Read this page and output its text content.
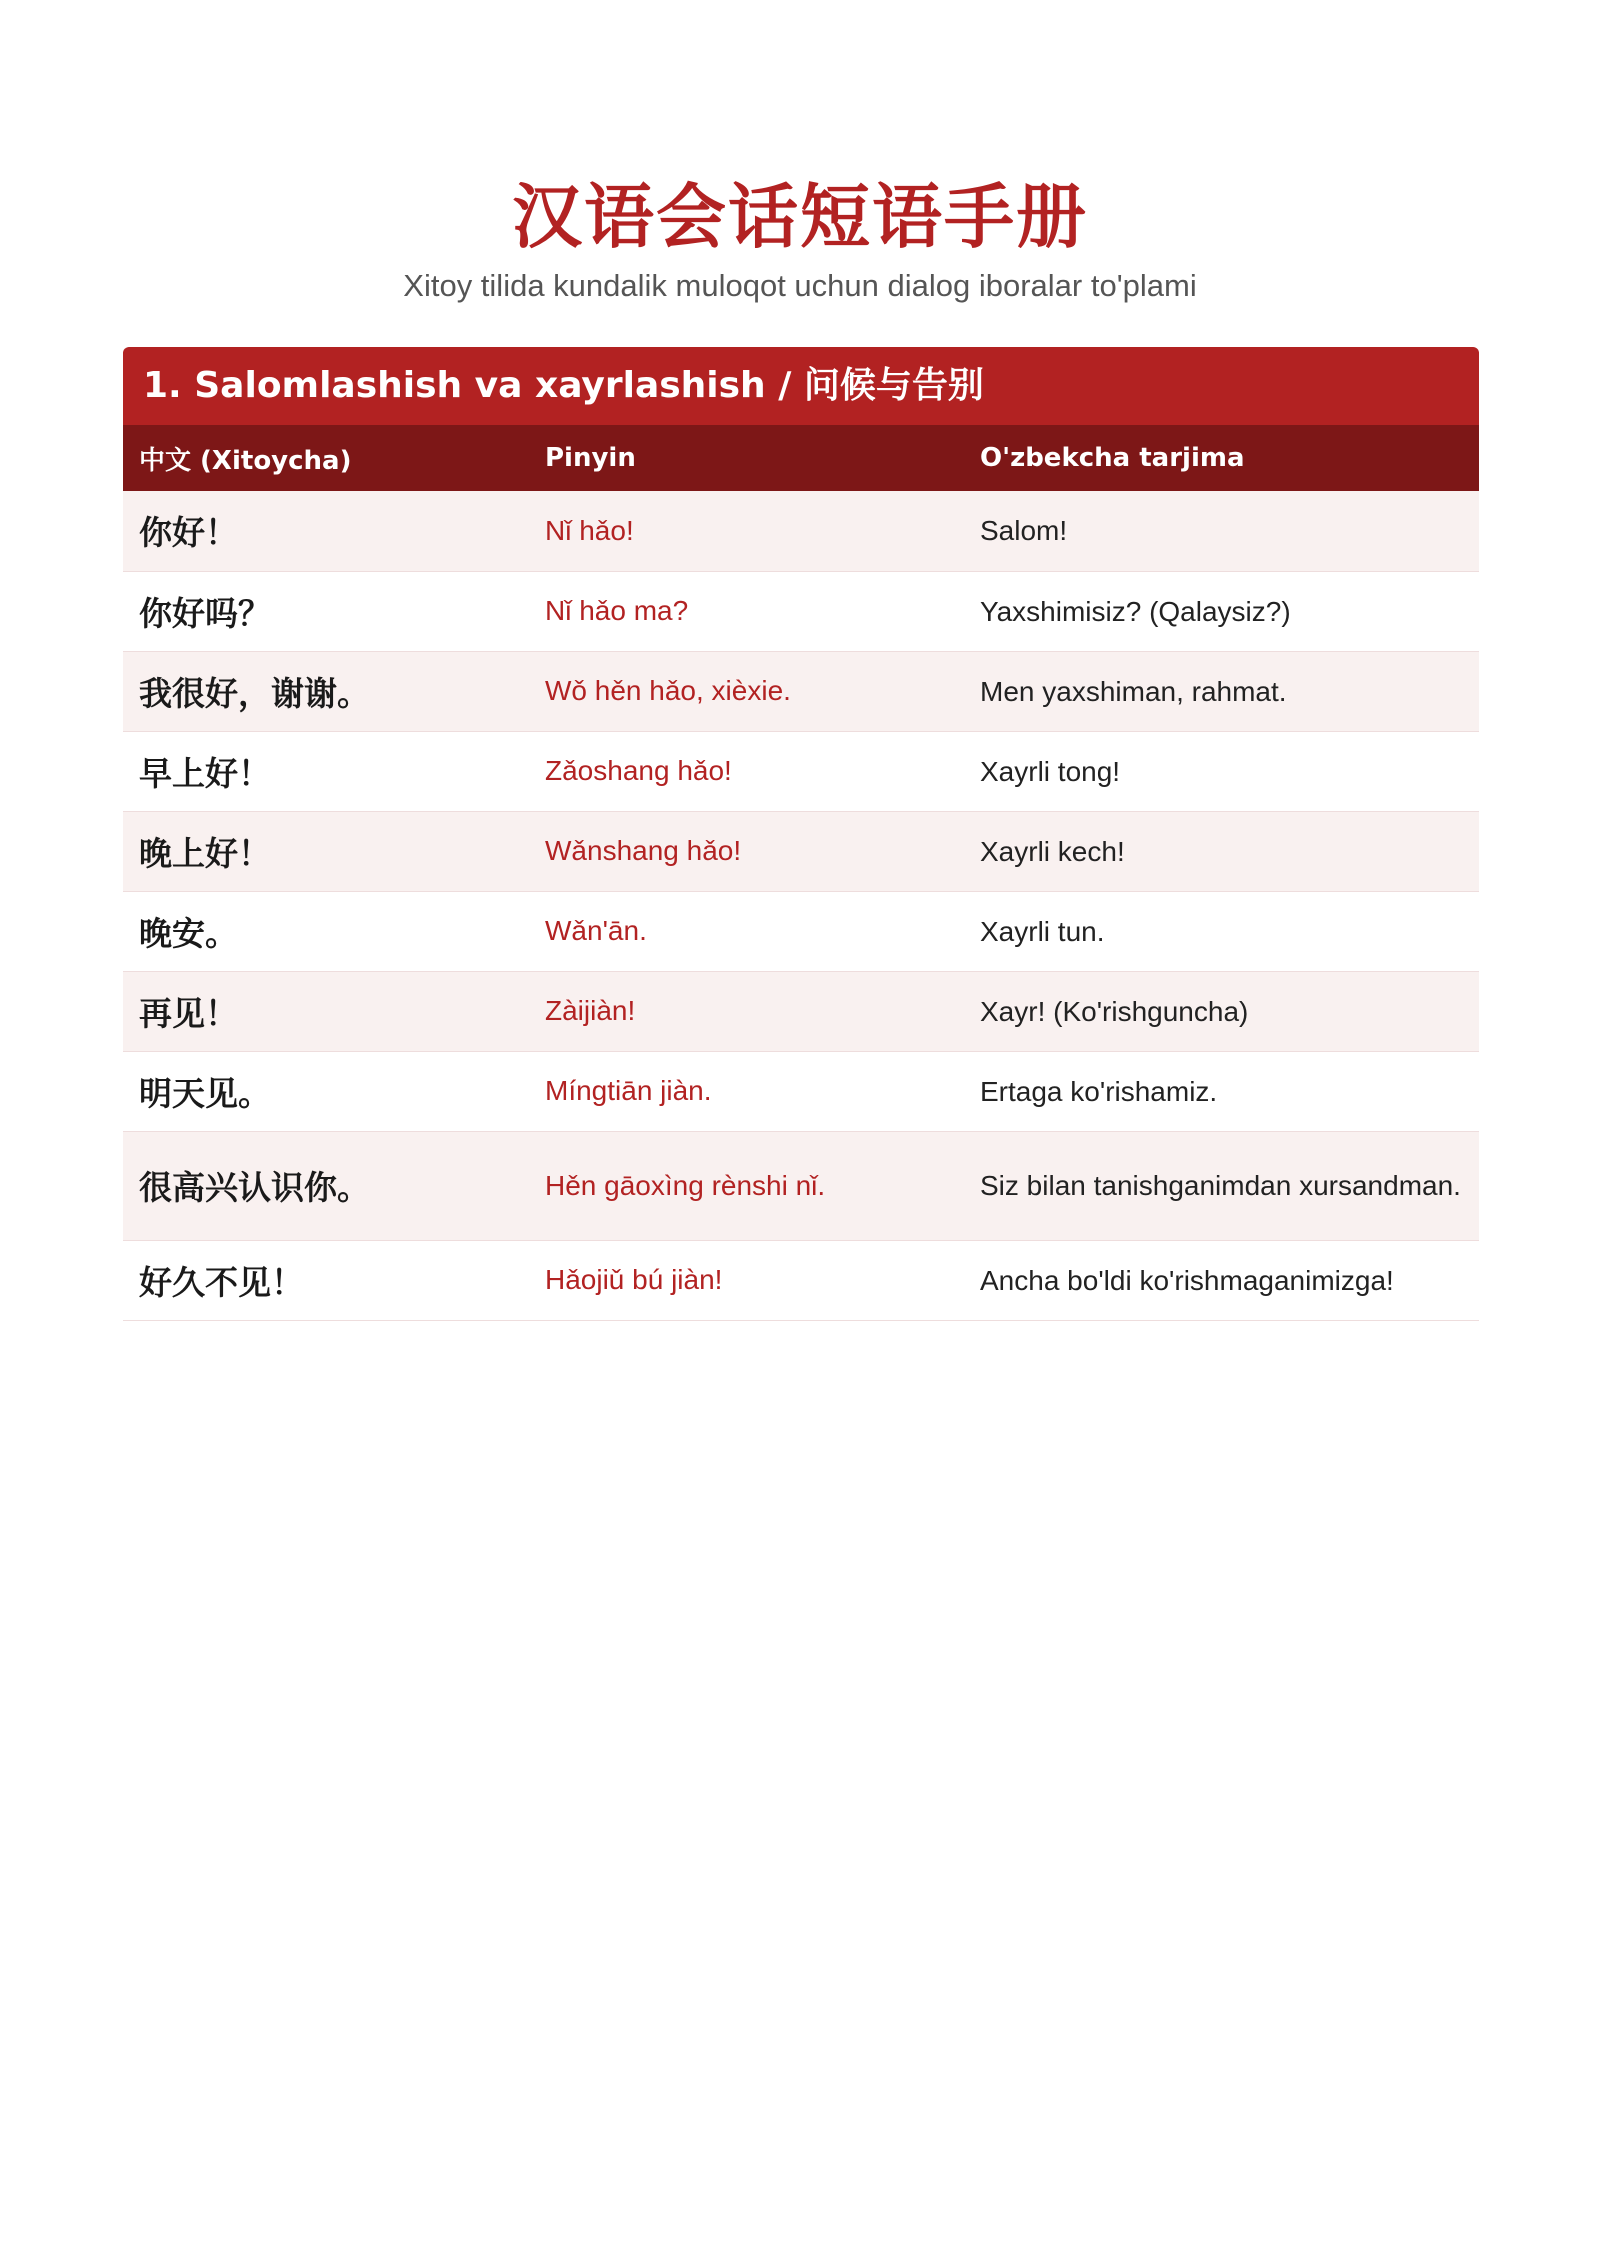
汉语会话短语手册
Xitoy tilida kundalik muloqot uchun dialog iboralar to'plami
1. Salomlashish va xayrlashish / 问候与告别
中文 (Xitoycha)	Pinyin	O'zbekcha tarjima
你好！	Nǐ hǎo!	Salom!
你好吗？	Nǐ hǎo ma?	Yaxshimisiz? (Qalaysiz?)
我很好，谢谢。	Wǒ hěn hǎo, xièxie.	Men yaxshiman, rahmat.
早上好！	Zǎoshang hǎo!	Xayrli tong!
晚上好！	Wǎnshang hǎo!	Xayrli kech!
晚安。	Wǎn'ān.	Xayrli tun.
再见！	Zàijiàn!	Xayr! (Ko'rishguncha)
明天见。	Míngtiān jiàn.	Ertaga ko'rishamiz.
很高兴认识你。	Hěn gāoxìng rènshi nǐ.	Siz bilan tanishganimdan xursandman.
好久不见！	Hǎojiǔ bú jiàn!	Ancha bo'ldi ko'rishmaganimizga!
